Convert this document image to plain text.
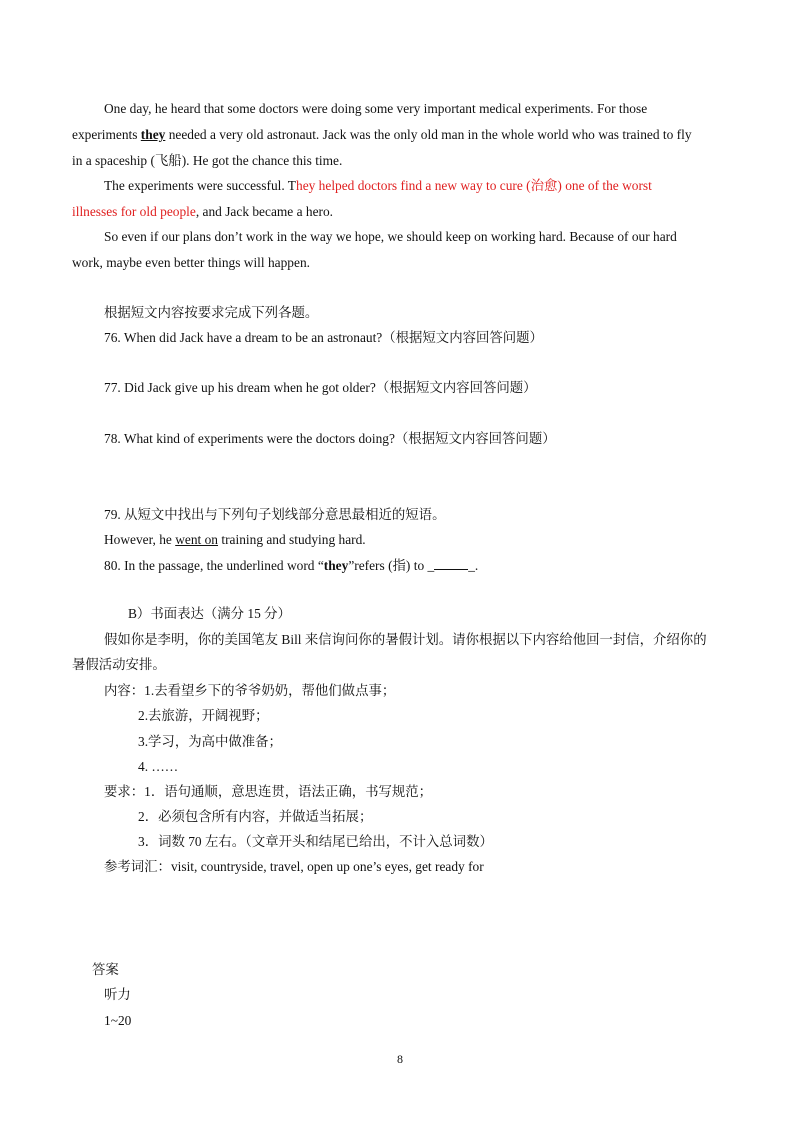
One day, he heard that some doctors were doing some very important medical experiments. For those
experiments they needed a very old astronaut. Jack was the only old man in the whole world who was trained to fly
in a spaceship (飞船). He got the chance this time.
The experiments were successful. They helped doctors find a new way to cure (治愈) one of the worst
illnesses for old people, and Jack became a hero.
So even if our plans don’t work in the way we hope, we should keep on working hard. Because of our hard
work, maybe even better things will happen.
根据短文内容按要求完成下列各题。
76. When did Jack have a dream to be an astronaut?（根据短文内容回答问题）
77. Did Jack give up his dream when he got older?（根据短文内容回答问题）
78. What kind of experiments were the doctors doing?（根据短文内容回答问题）
79. 从短文中找出与下列句子划线部分意思最相近的短语。
However, he went on training and studying hard.
80. In the passage, the underlined word “they”refers (指) to _	_.
B）书面表达（满分 15 分）
假如你是李明，你的美国笔友 Bill 来信询问你的暑假计划。请你根据以下内容给他回一封信，介绍你的
暑假活动安排。
内容：1.去看望乡下的爷爷奶奶，帮他们做点事；
2.去旅游，开阔视野；
3.学习，为高中做准备；
4. ……
要求：1．语句通顺，意思连贯，语法正确，书写规范；
2．必须包含所有内容，并做适当拓展；
3．词数 70 左右。（文章开头和结尾已给出，不计入总词数）
参考词汇：visit, countryside, travel, open up one’s eyes, get ready for
答案
听力
1~20
8
